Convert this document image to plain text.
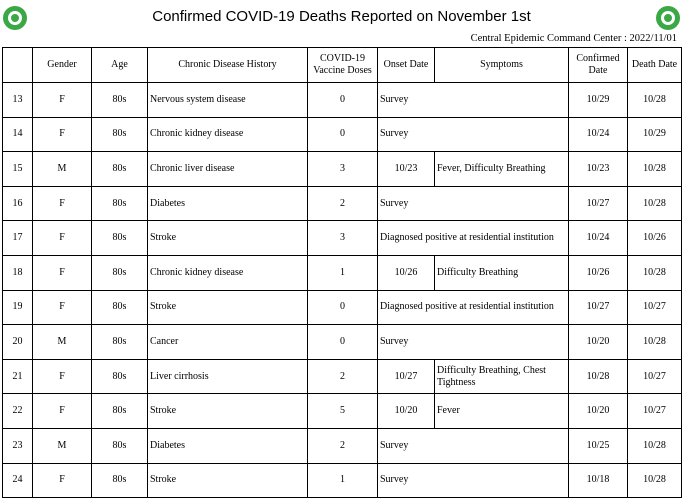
Confirmed COVID-19 Deaths Reported on November 1st
Central Epidemic Command Center : 2022/11/01
	Gender	Age	Chronic Disease History	COVID-19 Vaccine Doses	Onset Date	Symptoms	Confirmed Date	Death Date
13	F	80s	Nervous system disease	0	Survey		10/29	10/28
14	F	80s	Chronic kidney disease	0	Survey		10/24	10/29
15	M	80s	Chronic liver disease	3	10/23	Fever, Difficulty Breathing	10/23	10/28
16	F	80s	Diabetes	2	Survey		10/27	10/28
17	F	80s	Stroke	3	Diagnosed positive at residential institution		10/24	10/26
18	F	80s	Chronic kidney disease	1	10/26	Difficulty Breathing	10/26	10/28
19	F	80s	Stroke	0	Diagnosed positive at residential institution		10/27	10/27
20	M	80s	Cancer	0	Survey		10/20	10/28
21	F	80s	Liver cirrhosis	2	10/27	Difficulty Breathing, Chest Tightness	10/28	10/27
22	F	80s	Stroke	5	10/20	Fever	10/20	10/27
23	M	80s	Diabetes	2	Survey		10/25	10/28
24	F	80s	Stroke	1	Survey		10/18	10/28
